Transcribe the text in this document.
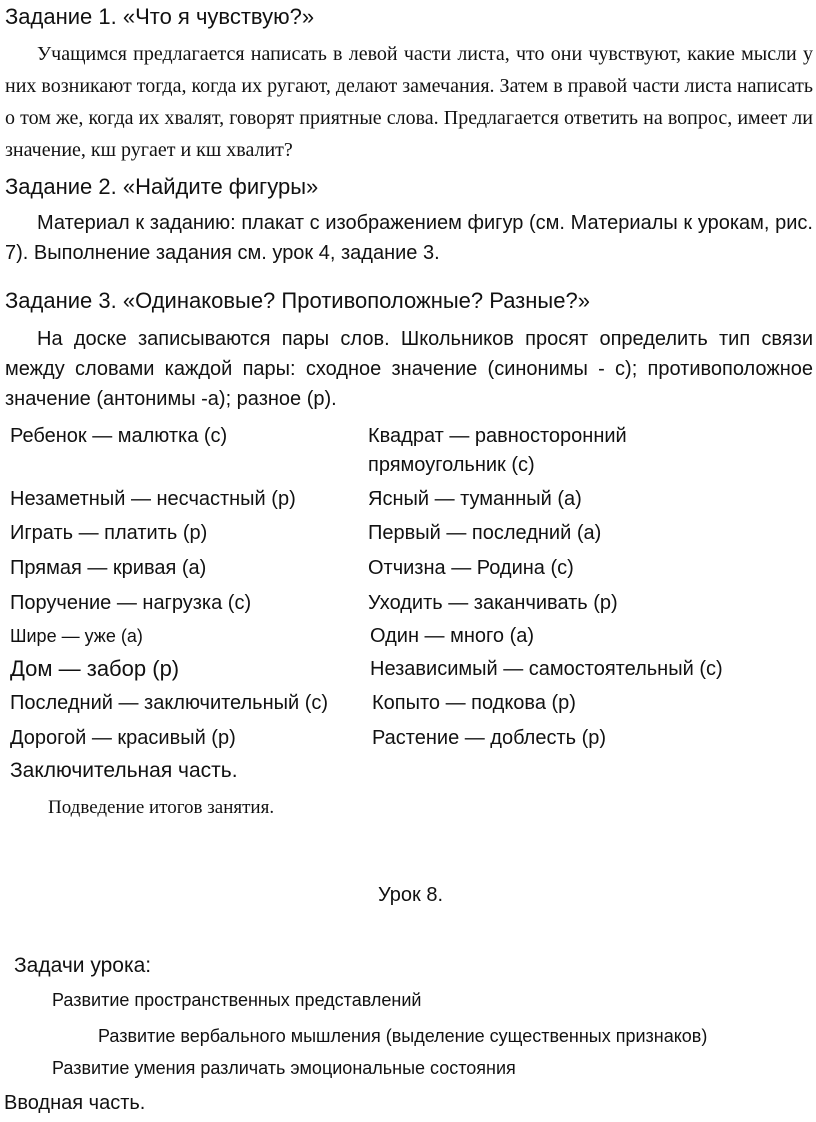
Задание 1. «Что я чувствую?»
Учащимся предлагается написать в левой части листа, что они чувствуют, какие мысли у них возникают тогда, когда их ругают, делают замечания. Затем в правой части листа написать о том же, когда их хвалят, говорят приятные слова. Предлагается ответить на вопрос, имеет ли значение, кш ругает и кш хвалит?
Задание 2. «Найдите фигуры»
Материал к заданию: плакат с изображением фигур (см. Материалы к урокам, рис. 7). Выполнение задания см. урок 4, задание 3.
Задание 3. «Одинаковые? Противоположные? Разные?»
На доске записываются пары слов. Школьников просят определить тип связи между словами каждой пары: сходное значение (синонимы - с); противоположное значение (антонимы -а); разное (р).
Ребенок — малютка (с)
Незаметный — несчастный (р)
Играть — платить (р)
Прямая — кривая (а)
Поручение — нагрузка (с)
Шире — уже (а)
Дом — забор (р)
Последний — заключительный (с)
Дорогой — красивый (р)
Квадрат — равносторонний
прямоугольник (с)
Ясный — туманный (а)
Первый — последний (а)
Отчизна — Родина (с)
Уходить — заканчивать (р)
Один — много (а)
Независимый — самостоятельный (с)
Копыто — подкова (р)
Растение — доблесть (р)
Заключительная часть.
Подведение итогов занятия.
Урок 8.
Задачи урока:
Развитие пространственных представлений
Развитие вербального мышления (выделение существенных признаков)
Развитие умения различать эмоциональные состояния
Вводная часть.
